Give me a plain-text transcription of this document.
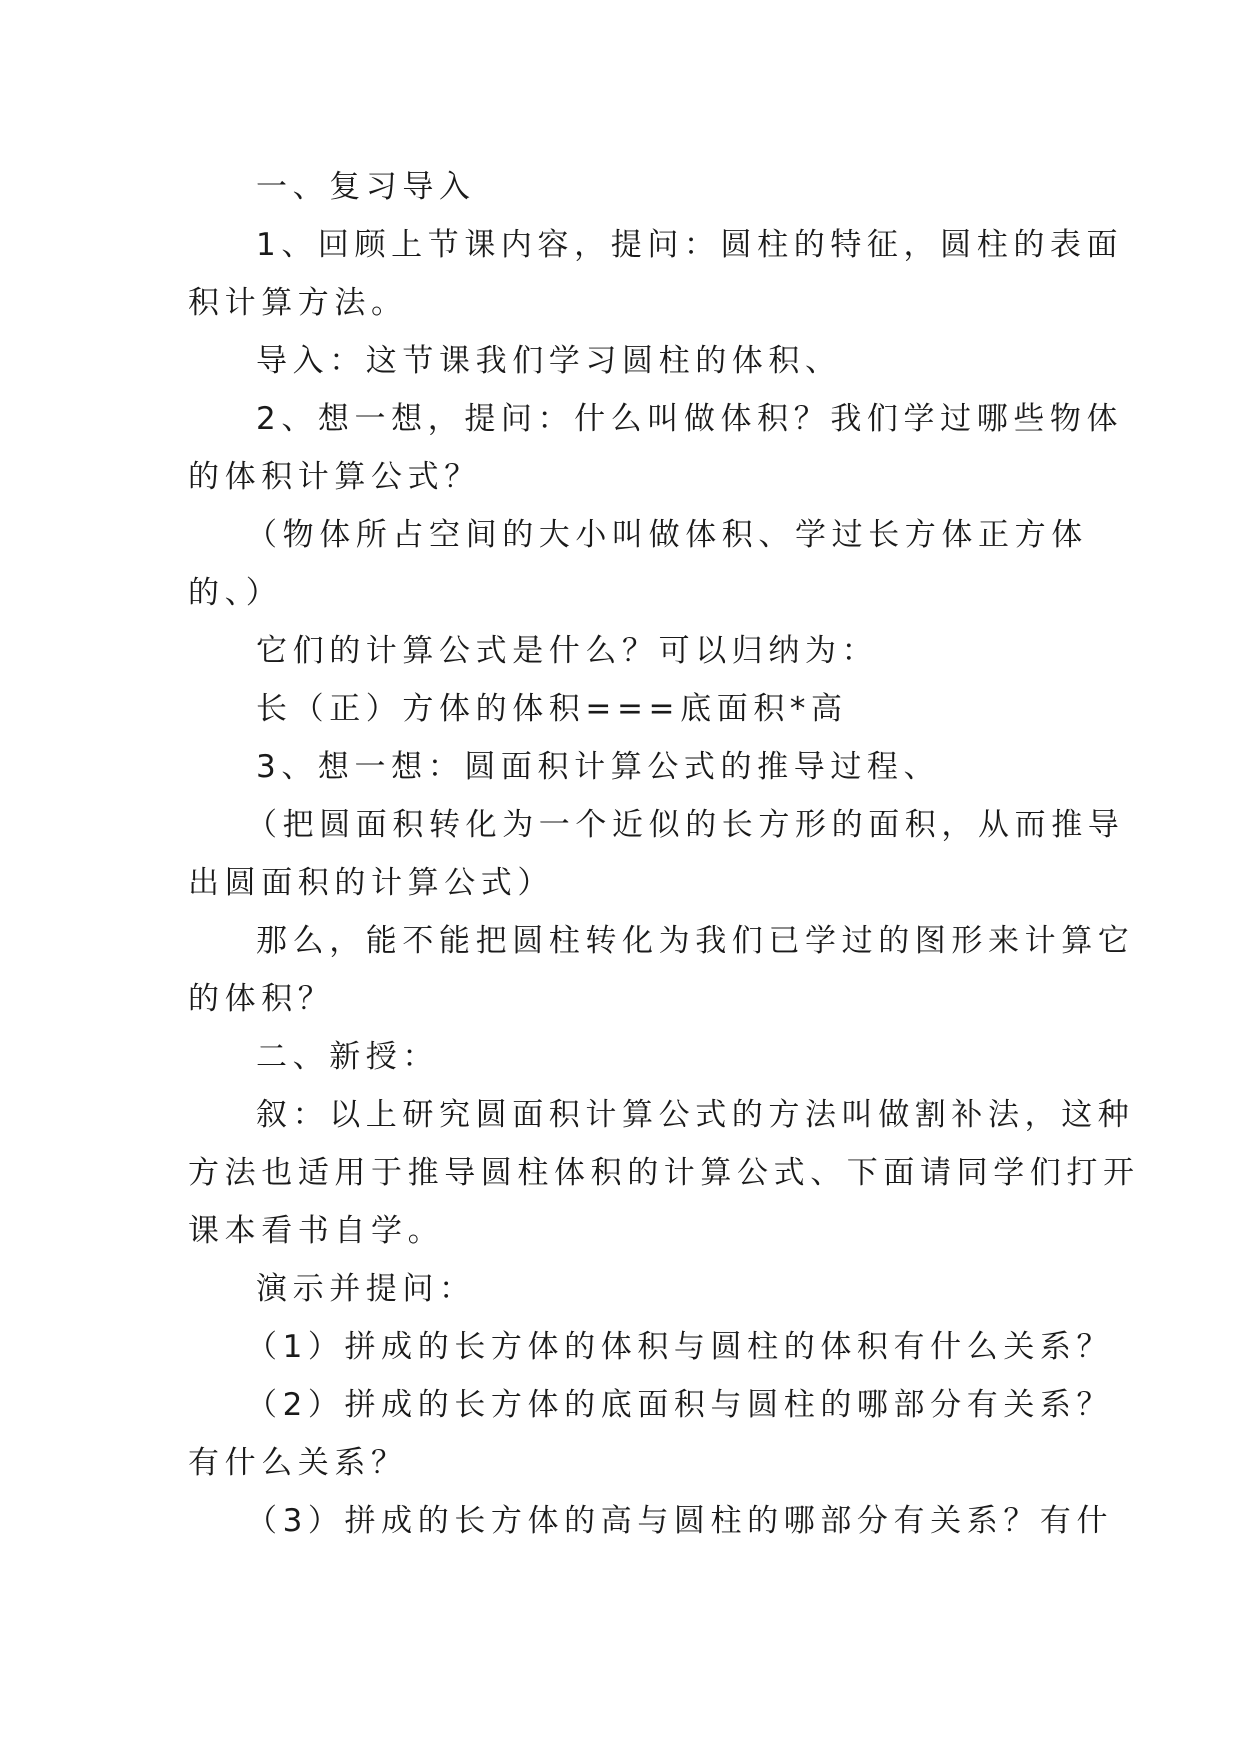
一、复习导入

1、回顾上节课内容，提问：圆柱的特征，圆柱的表面

积计算方法。

导入：这节课我们学习圆柱的体积、

2、想一想，提问：什么叫做体积？我们学过哪些物体

的体积计算公式？

（物体所占空间的大小叫做体积、学过长方体正方体

的、）

它们的计算公式是什么？可以归纳为：

长（正）方体的体积===底面积*高

3、想一想：圆面积计算公式的推导过程、

（把圆面积转化为一个近似的长方形的面积，从而推导

出圆面积的计算公式）

那么，能不能把圆柱转化为我们已学过的图形来计算它

的体积？

二、新授：

叙：以上研究圆面积计算公式的方法叫做割补法，这种

方法也适用于推导圆柱体积的计算公式、下面请同学们打开

课本看书自学。

演示并提问：

（1）拼成的长方体的体积与圆柱的体积有什么关系？

（2）拼成的长方体的底面积与圆柱的哪部分有关系？

有什么关系？

（3）拼成的长方体的高与圆柱的哪部分有关系？有什
